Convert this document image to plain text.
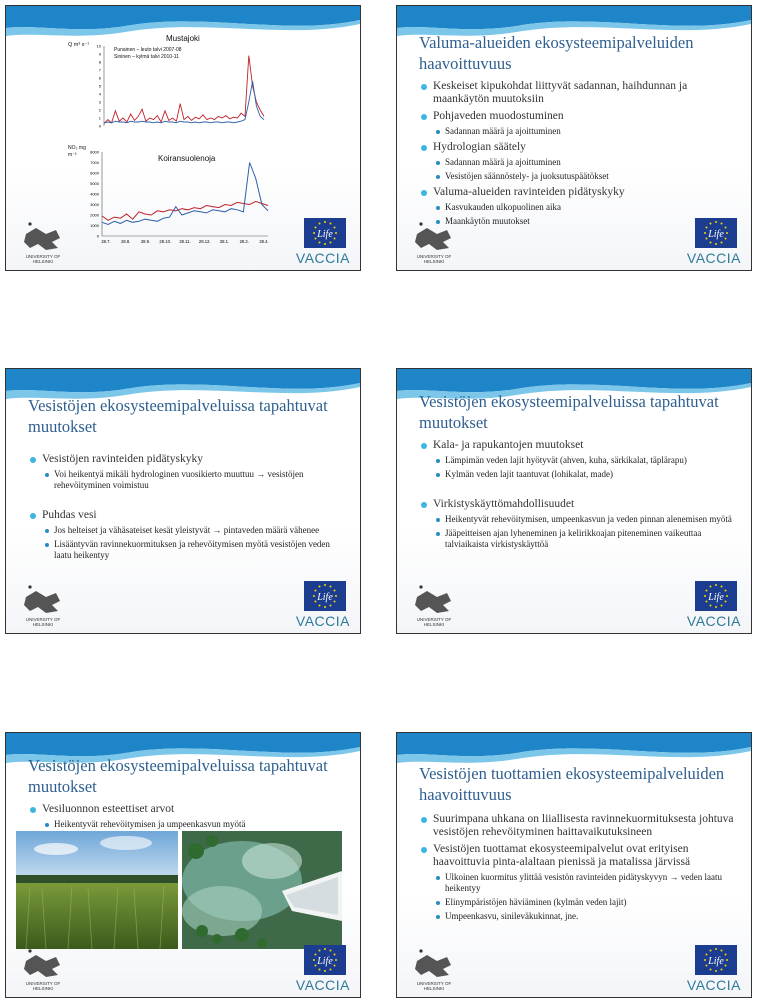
Mustajoki
Q m³ s⁻¹
0
1
2
3
4
5
6
7
8
9
10
Punainen – leuto talvi 2007-08
Sininen – kylmä talvi 2010-11
Koiransuolenoja
NO₃ mg m⁻³
0
1000
2000
3000
4000
5000
6000
7000
8000
28.7. 28.8. 28.9. 28.10. 28.11. 28.12. 28.1. 28.2. 28.4.
UNIVERSITY OF HELSINKI
Life
VACCIA
Valuma-alueiden ekosysteemipalveluiden haavoittuvuus
Keskeiset kipukohdat liittyvät sadannan, haihdunnan ja maankäytön muutoksiin
Pohjaveden muodostuminen
Sadannan määrä ja ajoittuminen
Hydrologian säätely
Sadannan määrä ja ajoittuminen
Vesistöjen säännöstely- ja juoksutuspäätökset
Valuma-alueiden ravinteiden pidätyskyky
Kasvukauden ulkopuolinen aika
Maankäytön muutokset
UNIVERSITY OF HELSINKI
Life
VACCIA
Vesistöjen ekosysteemipalveluissa tapahtuvat muutokset
Vesistöjen ravinteiden pidätyskyky
Voi heikentyä mikäli hydrologinen vuosikierto muuttuu → vesistöjen rehevöityminen voimistuu
Puhdas vesi
Jos helteiset ja vähäsateiset kesät yleistyvät → pintaveden määrä vähenee
Lisääntyvän ravinnekuormituksen ja rehevöitymisen myötä vesistöjen veden laatu heikentyy
UNIVERSITY OF HELSINKI
Life
VACCIA
Vesistöjen ekosysteemipalveluissa tapahtuvat muutokset
Kala- ja rapukantojen muutokset
Lämpimän veden lajit hyötyvät (ahven, kuha, särkikalat, täplärapu)
Kylmän veden lajit taantuvat (lohikalat, made)
Virkistyskäyttömahdollisuudet
Heikentyvät rehevöitymisen, umpeenkasvun ja veden pinnan alenemisen myötä
Jääpeitteisen ajan lyheneminen ja kelirikkoajan piteneminen vaikeuttaa talviaikaista virkistyskäyttöä
UNIVERSITY OF HELSINKI
Life
VACCIA
Vesistöjen ekosysteemipalveluissa tapahtuvat muutokset
Vesiluonnon esteettiset arvot
Heikentyvät rehevöitymisen ja umpeenkasvun myötä
UNIVERSITY OF HELSINKI
Life
VACCIA
Vesistöjen tuottamien ekosysteemipalveluiden haavoittuvuus
Suurimpana uhkana on liiallisesta ravinnekuormituksesta johtuva vesistöjen rehevöityminen haittavaikutuksineen
Vesistöjen tuottamat ekosysteemipalvelut ovat erityisen haavoittuvia pinta-alaltaan pienissä ja matalissa järvissä
Ulkoinen kuormitus ylittää vesistön ravinteiden pidätyskyvyn → veden laatu heikentyy
Elinympäristöjen häviäminen (kylmän veden lajit)
Umpeenkasvu, sinileväkukinnat, jne.
UNIVERSITY OF HELSINKI
Life
VACCIA
